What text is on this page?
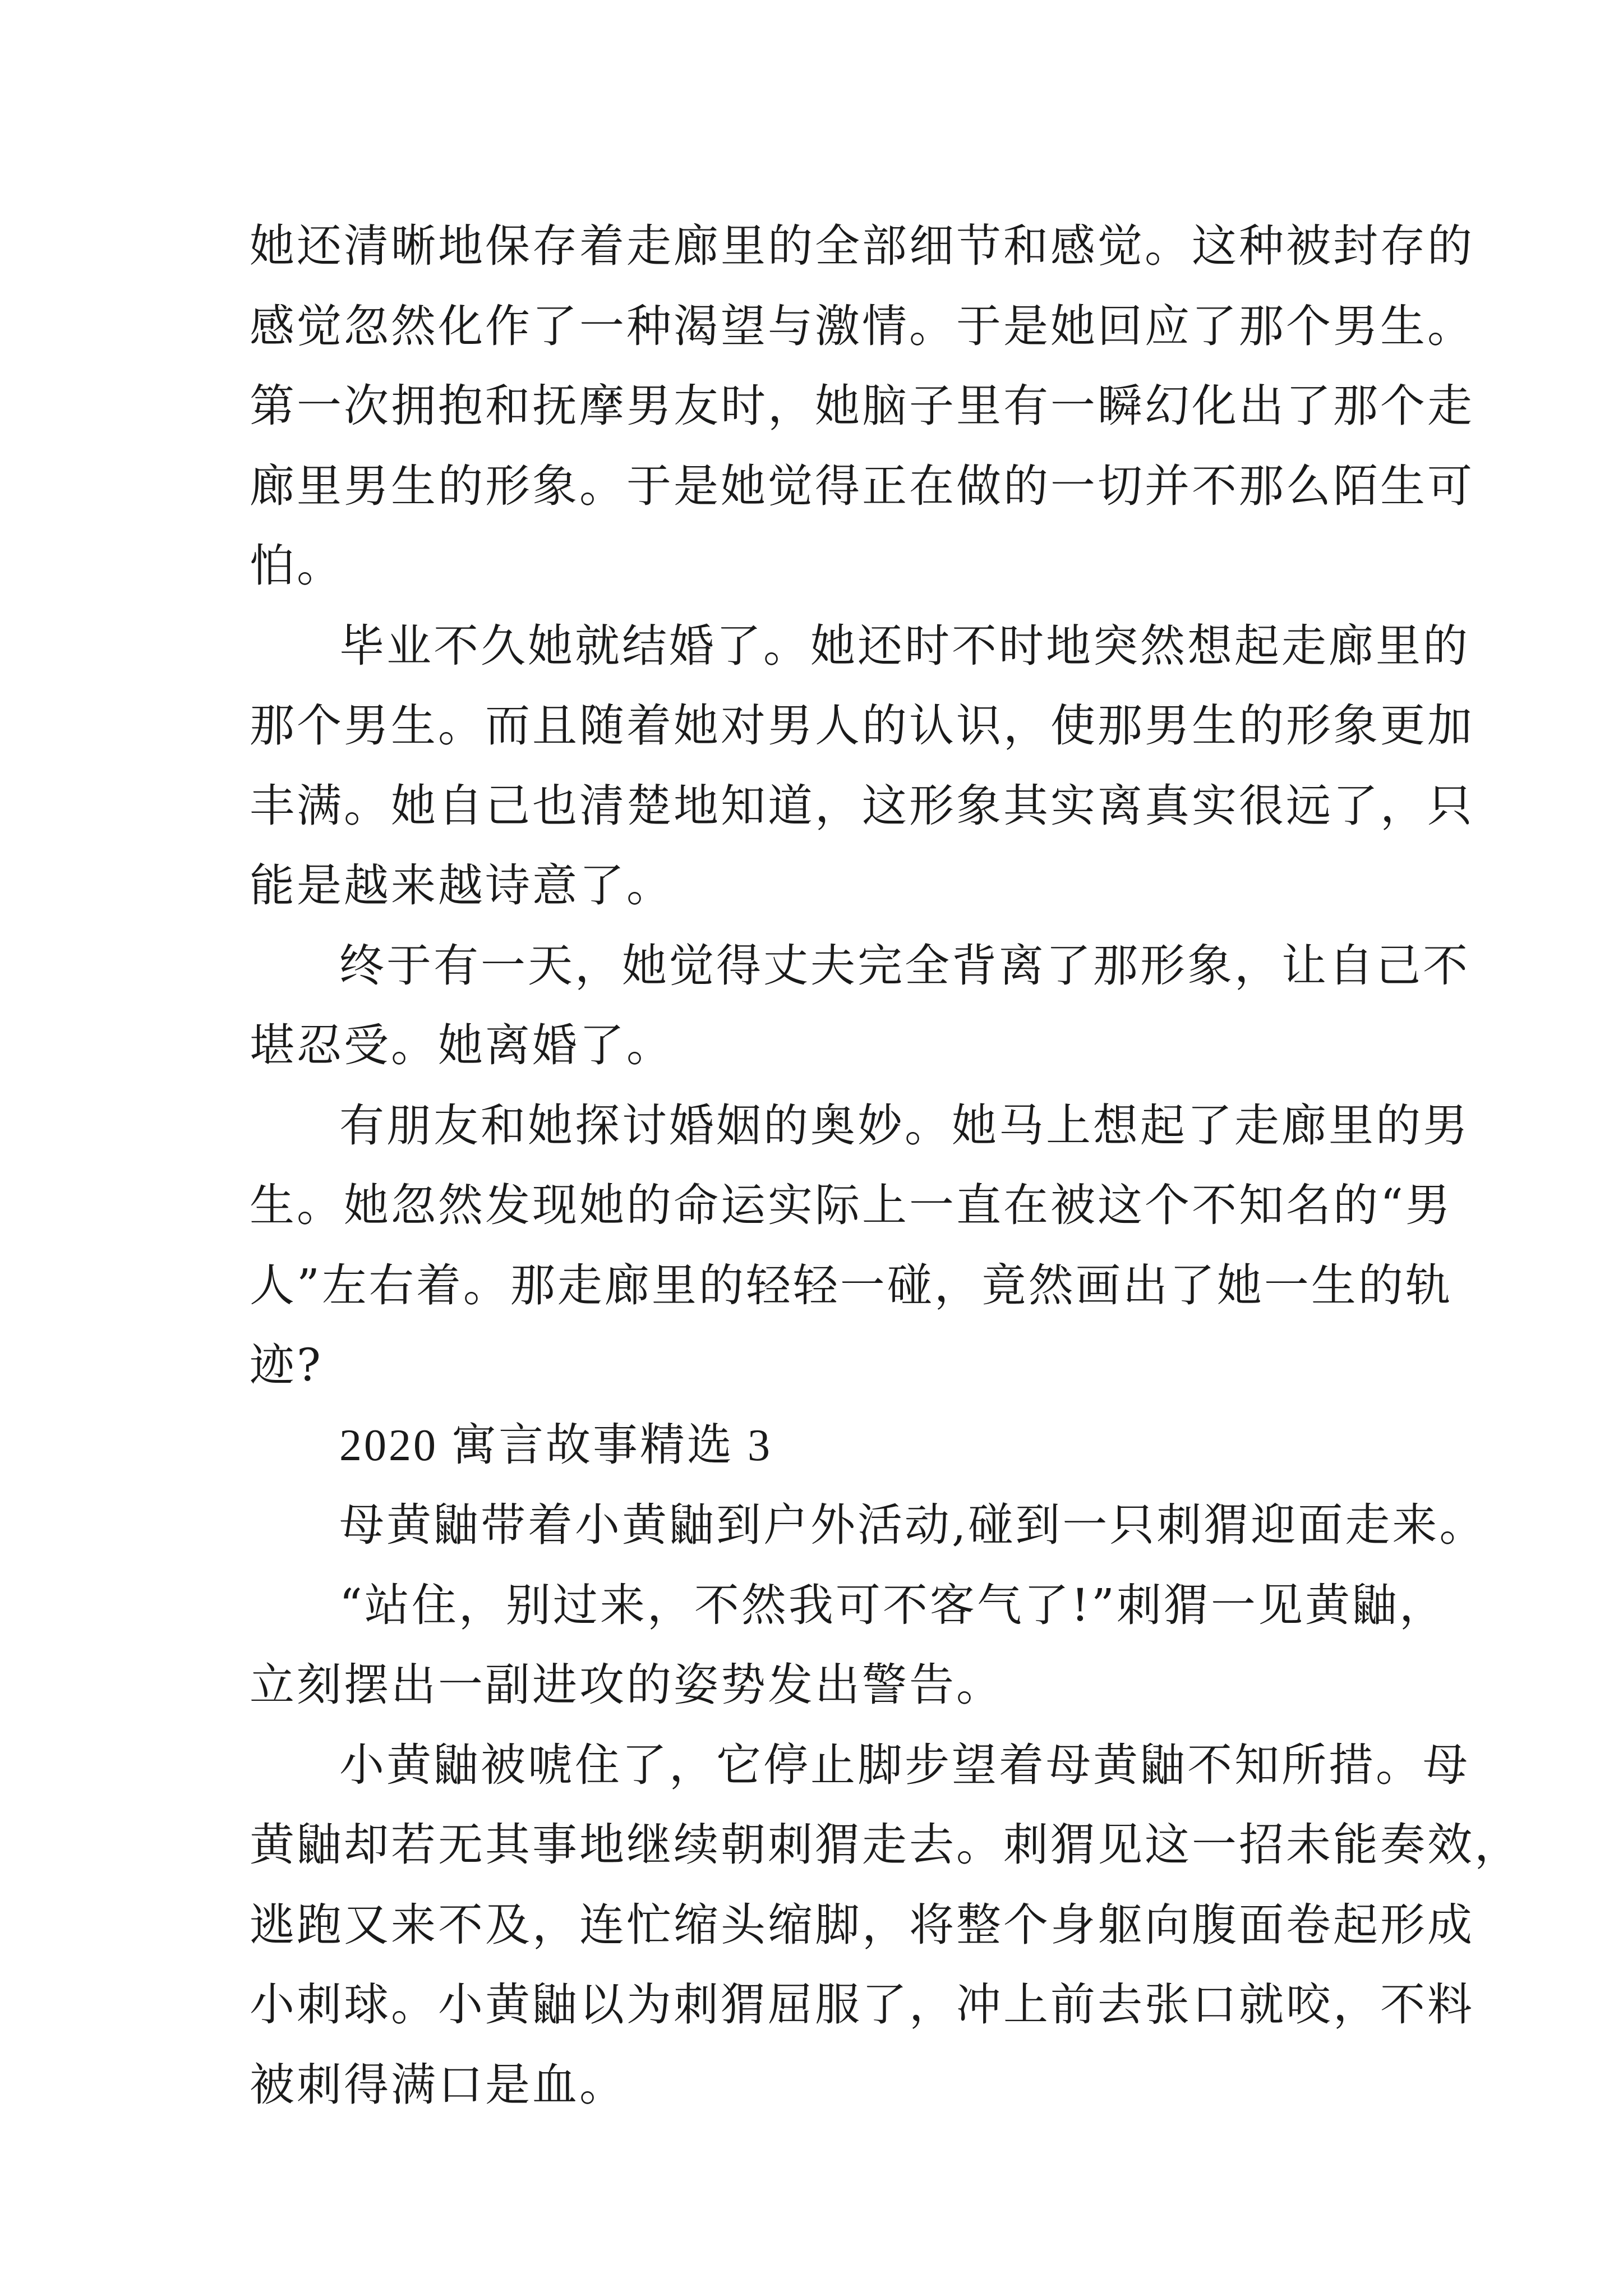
她还清晰地保存着走廊里的全部细节和感觉。这种被封存的
感觉忽然化作了一种渴望与激情。于是她回应了那个男生。
第一次拥抱和抚摩男友时，她脑子里有一瞬幻化出了那个走
廊里男生的形象。于是她觉得正在做的一切并不那么陌生可
怕。
毕业不久她就结婚了。她还时不时地突然想起走廊里的
那个男生。而且随着她对男人的认识，使那男生的形象更加
丰满。她自己也清楚地知道，这形象其实离真实很远了，只
能是越来越诗意了。
终于有一天，她觉得丈夫完全背离了那形象，让自己不
堪忍受。她离婚了。
有朋友和她探讨婚姻的奥妙。她马上想起了走廊里的男
生。她忽然发现她的命运实际上一直在被这个不知名的“男
人”左右着。那走廊里的轻轻一碰，竟然画出了她一生的轨
迹?
2020 寓言故事精选 3
母黄鼬带着小黄鼬到户外活动,碰到一只刺猬迎面走来。
“站住，别过来，不然我可不客气了!”刺猬一见黄鼬，
立刻摆出一副进攻的姿势发出警告。
小黄鼬被唬住了，它停止脚步望着母黄鼬不知所措。母
黄鼬却若无其事地继续朝刺猬走去。刺猬见这一招未能奏效，
逃跑又来不及，连忙缩头缩脚，将整个身躯向腹面卷起形成
小刺球。小黄鼬以为刺猬屈服了，冲上前去张口就咬，不料
被刺得满口是血。
